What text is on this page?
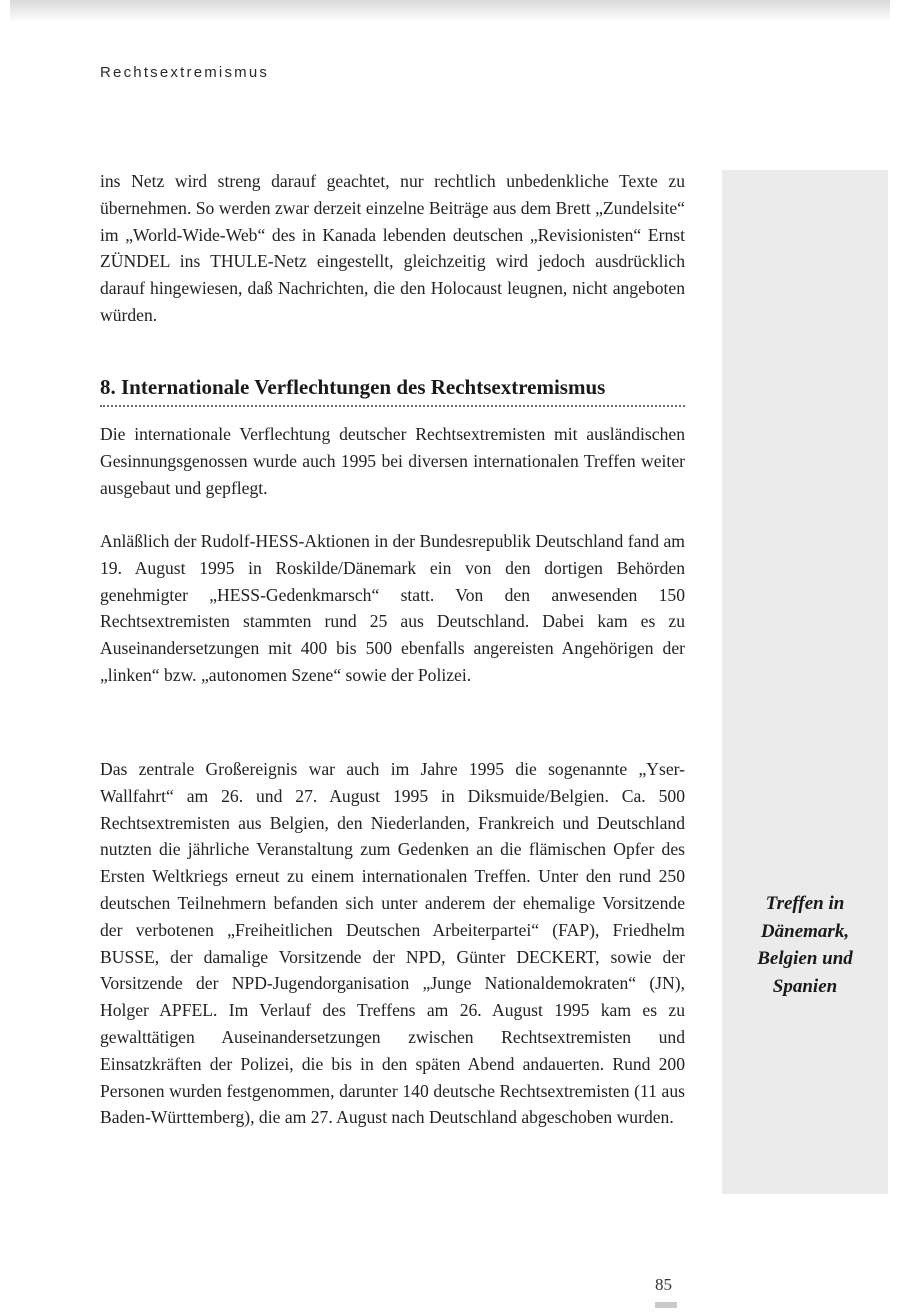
Rechtsextremismus
Treffen in
Dänemark,
Belgien und
Spanien

ins Netz wird streng darauf geachtet, nur rechtlich unbedenkliche Texte zu übernehmen. So werden zwar derzeit einzelne Beiträge aus dem Brett „Zundelsite“ im „World-Wide-Web“ des in Kanada lebenden deutschen „Revisionisten“ Ernst ZÜNDEL ins THULE-Netz eingestellt, gleichzeitig wird jedoch ausdrücklich darauf hingewiesen, daß Nachrichten, die den Holocaust leugnen, nicht angeboten würden.

8. Internationale Verflechtungen des Rechtsextremismus

Die internationale Verflechtung deutscher Rechtsextremisten mit ausländischen Gesinnungsgenossen wurde auch 1995 bei diversen internationalen Treffen weiter ausgebaut und gepflegt.

Anläßlich der Rudolf-HESS-Aktionen in der Bundesrepublik Deutschland fand am 19. August 1995 in Roskilde/Dänemark ein von den dortigen Behörden genehmigter „HESS-Gedenkmarsch“ statt. Von den anwesenden 150 Rechtsextremisten stammten rund 25 aus Deutschland. Dabei kam es zu Auseinandersetzungen mit 400 bis 500 ebenfalls angereisten Angehörigen der „linken“ bzw. „autonomen Szene“ sowie der Polizei.

Das zentrale Großereignis war auch im Jahre 1995 die sogenannte „Yser-Wallfahrt“ am 26. und 27. August 1995 in Diksmuide/Belgien. Ca. 500 Rechtsextremisten aus Belgien, den Niederlanden, Frankreich und Deutschland nutzten die jährliche Veranstaltung zum Gedenken an die flämischen Opfer des Ersten Weltkriegs erneut zu einem internationalen Treffen. Unter den rund 250 deutschen Teilnehmern befanden sich unter anderem der ehemalige Vorsitzende der verbotenen „Freiheitlichen Deutschen Arbeiterpartei“ (FAP), Friedhelm BUSSE, der damalige Vorsitzende der NPD, Günter DECKERT, sowie der Vorsitzende der NPD-Jugendorganisation „Junge Nationaldemokraten“ (JN), Holger APFEL. Im Verlauf des Treffens am 26. August 1995 kam es zu gewalttätigen Auseinandersetzungen zwischen Rechtsextremisten und Einsatzkräften der Polizei, die bis in den späten Abend andauerten. Rund 200 Personen wurden festgenommen, darunter 140 deutsche Rechtsextremisten (11 aus Baden-Württemberg), die am 27. August nach Deutschland abgeschoben wurden.

85
